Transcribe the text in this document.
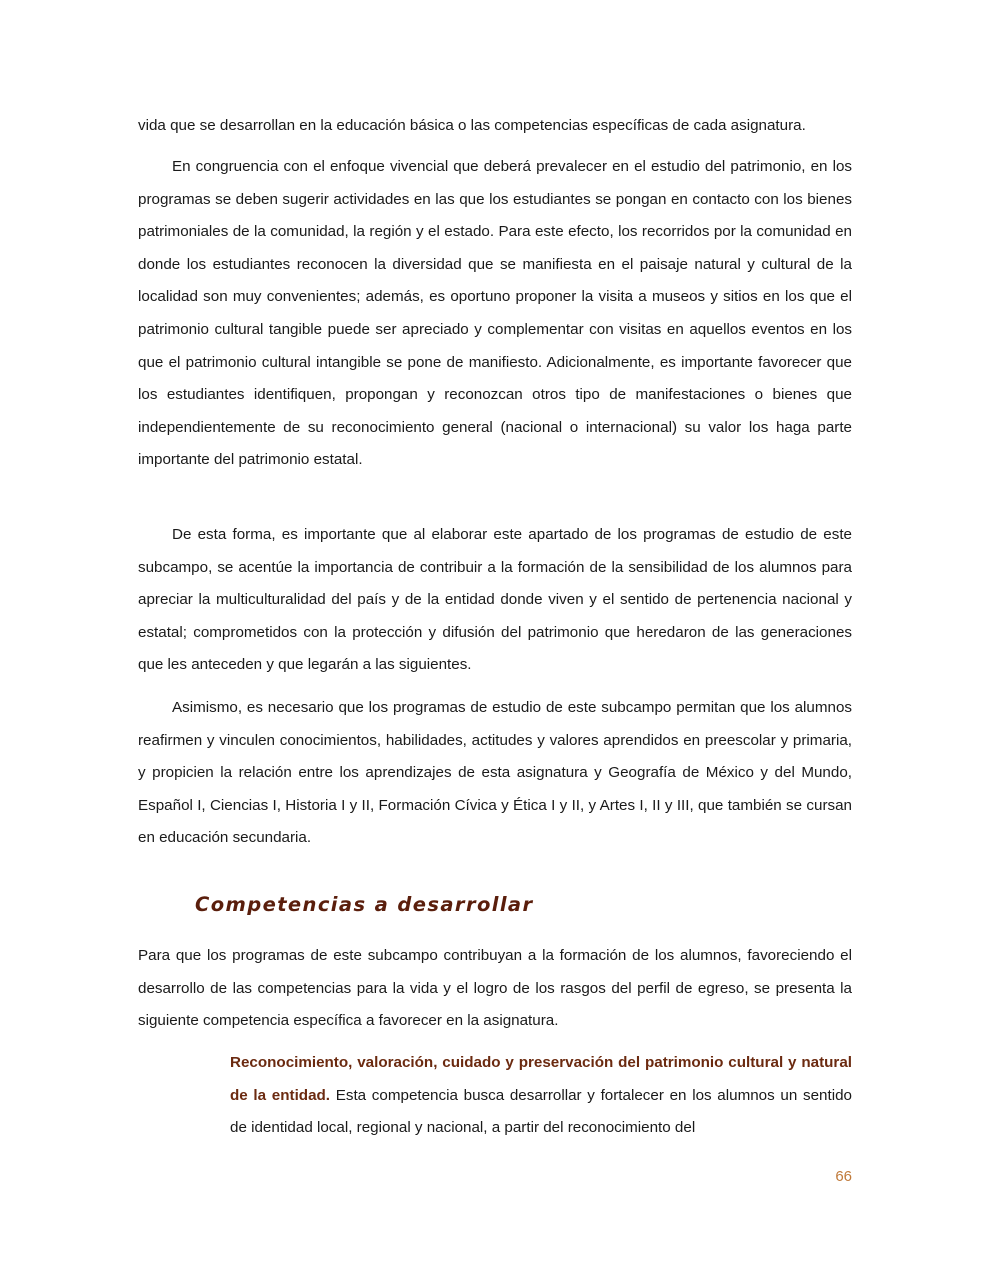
vida que se desarrollan en la educación básica o las competencias específicas de cada asignatura.

En congruencia con el enfoque vivencial que deberá prevalecer en el estudio del patrimonio, en los programas se deben sugerir actividades en las que los estudiantes se pongan en contacto con los bienes patrimoniales de la comunidad, la región y el estado. Para este efecto, los recorridos por la comunidad en donde los estudiantes reconocen la diversidad que se manifiesta en el paisaje natural y cultural de la localidad son muy convenientes; además, es oportuno proponer la visita a museos y sitios en los que el patrimonio cultural tangible puede ser apreciado y complementar con visitas en aquellos eventos en los que el patrimonio cultural intangible se pone de manifiesto. Adicionalmente, es importante favorecer que los estudiantes identifiquen, propongan y reconozcan otros tipo de manifestaciones o bienes que independientemente de su reconocimiento general (nacional o internacional) su valor los haga parte importante del patrimonio estatal.

De esta forma, es importante que al elaborar este apartado de los programas de estudio de este subcampo, se acentúe la importancia de contribuir a la formación de la sensibilidad de los alumnos para apreciar la multiculturalidad del país y de la entidad donde viven y el sentido de pertenencia nacional y estatal; comprometidos con la protección y difusión del patrimonio que heredaron de las generaciones que les anteceden y que legarán a las siguientes.

Asimismo, es necesario que los programas de estudio de este subcampo permitan que los alumnos reafirmen y vinculen conocimientos, habilidades, actitudes y valores aprendidos en preescolar y primaria, y propicien la relación entre los aprendizajes de esta asignatura y Geografía de México y del Mundo, Español I, Ciencias I, Historia I y II, Formación Cívica y Ética I y II, y Artes I, II y III, que también se cursan en educación secundaria.

Competencias a desarrollar

Para que los programas de este subcampo contribuyan a la formación de los alumnos, favoreciendo el desarrollo de las competencias para la vida y el logro de los rasgos del perfil de egreso, se presenta la siguiente competencia específica a favorecer en la asignatura.

Reconocimiento, valoración, cuidado y preservación del patrimonio cultural y natural de la entidad. Esta competencia busca desarrollar y fortalecer en los alumnos un sentido de identidad local, regional y nacional, a partir del reconocimiento del

66
